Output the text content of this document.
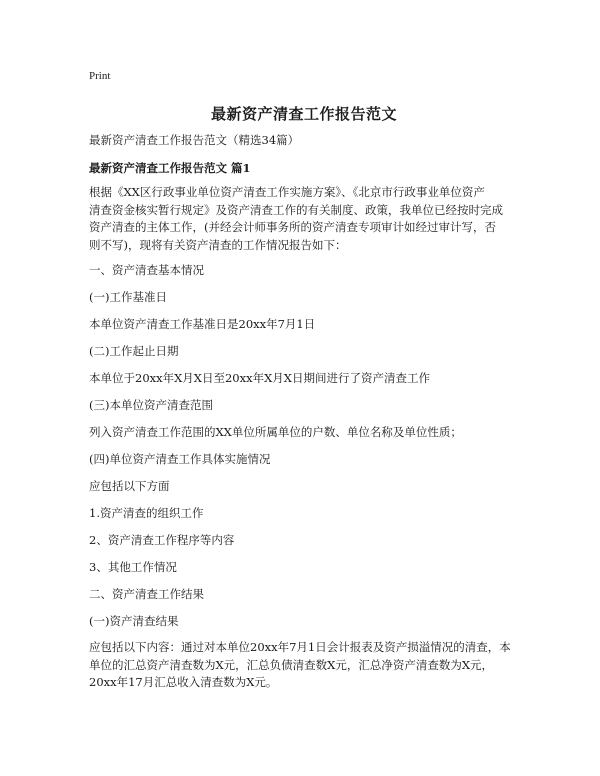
Print
最新资产清查工作报告范文
最新资产清查工作报告范文（精选34篇）
最新资产清查工作报告范文 篇1
根据《XX区行政事业单位资产清查工作实施方案》、《北京市行政事业单位资产
清查资金核实暂行规定》及资产清查工作的有关制度、政策，我单位已经按时完成
资产清查的主体工作，(并经会计师事务所的资产清查专项审计如经过审计写，否
则不写)，现将有关资产清查的工作情况报告如下：
一、资产清查基本情况
(一)工作基准日
本单位资产清查工作基准日是20xx年7月1日
(二)工作起止日期
本单位于20xx年X月X日至20xx年X月X日期间进行了资产清查工作
(三)本单位资产清查范围
列入资产清查工作范围的XX单位所属单位的户数、单位名称及单位性质；
(四)单位资产清查工作具体实施情况
应包括以下方面
1.资产清查的组织工作
2、资产清查工作程序等内容
3、其他工作情况
二、资产清查工作结果
(一)资产清查结果
应包括以下内容：通过对本单位20xx年7月1日会计报表及资产损溢情况的清查，本
单位的汇总资产清查数为X元，汇总负债清查数X元，汇总净资产清查数为X元，
20xx年17月汇总收入清查数为X元。
